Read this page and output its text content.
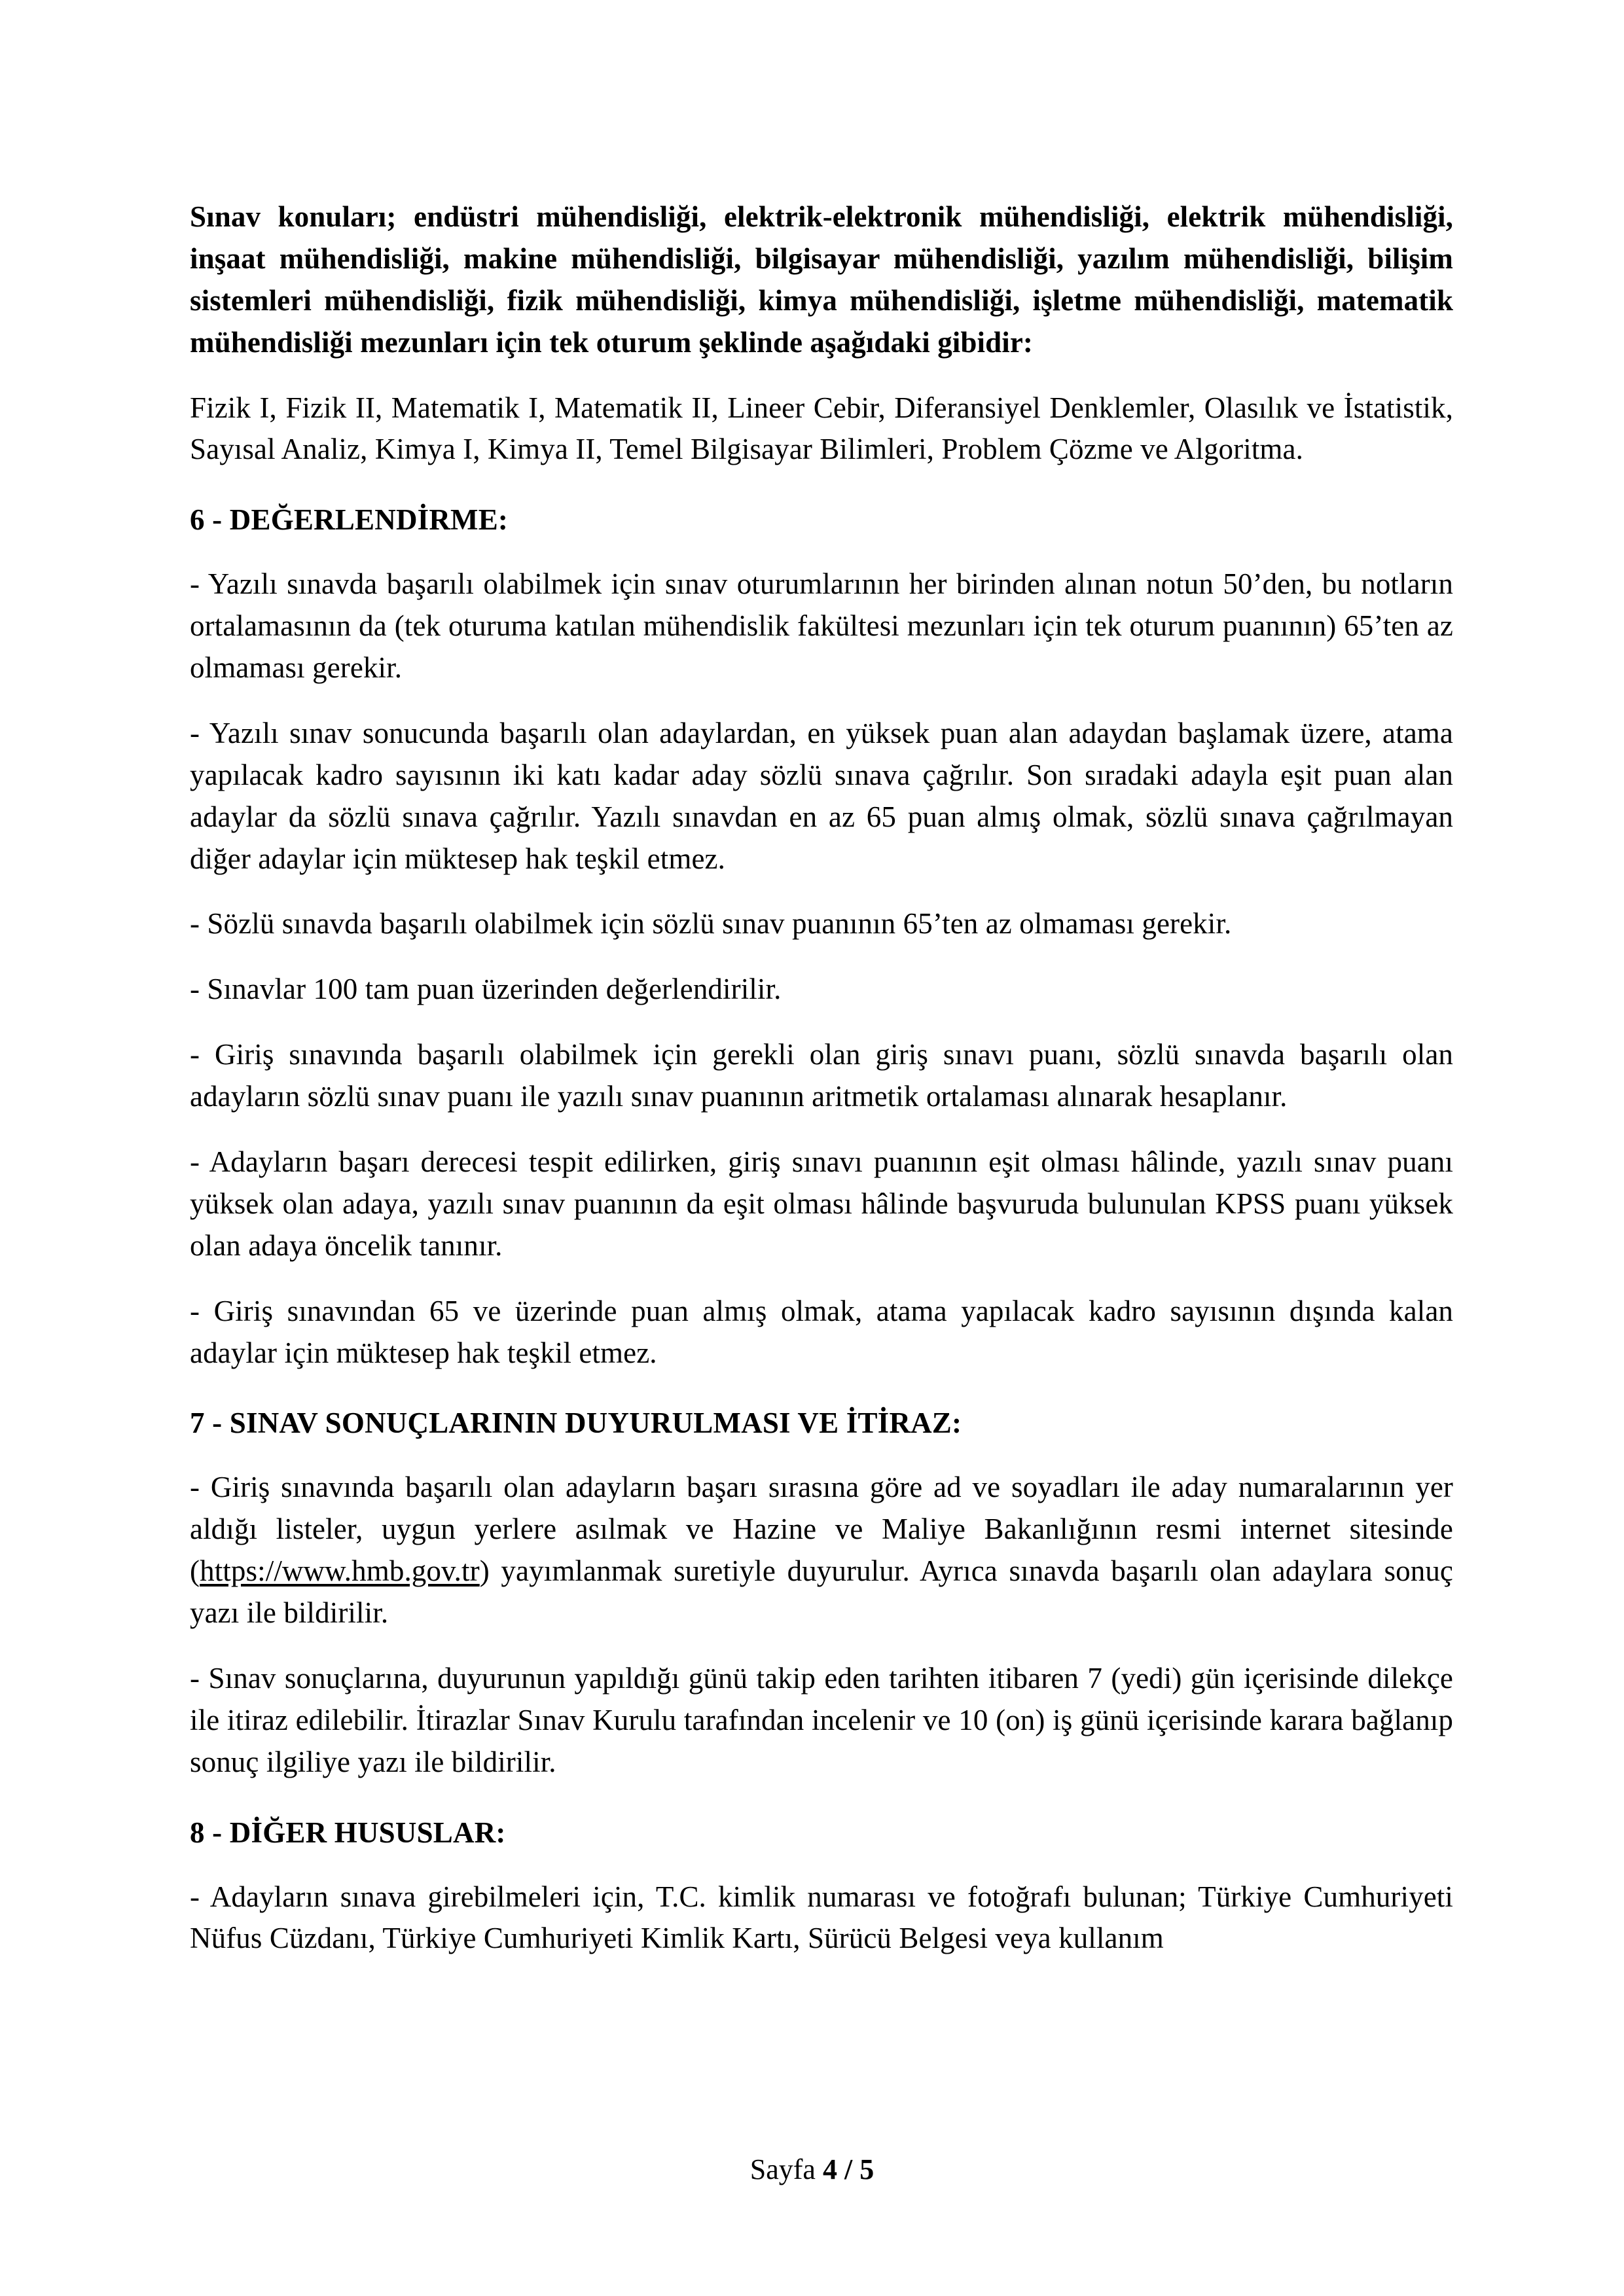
Sınav konuları; endüstri mühendisliği, elektrik-elektronik mühendisliği, elektrik mühendisliği, inşaat mühendisliği, makine mühendisliği, bilgisayar mühendisliği, yazılım mühendisliği, bilişim sistemleri mühendisliği, fizik mühendisliği, kimya mühendisliği, işletme mühendisliği, matematik mühendisliği mezunları için tek oturum şeklinde aşağıdaki gibidir:

Fizik I, Fizik II, Matematik I, Matematik II, Lineer Cebir, Diferansiyel Denklemler, Olasılık ve İstatistik, Sayısal Analiz, Kimya I, Kimya II, Temel Bilgisayar Bilimleri, Problem Çözme ve Algoritma.

6 - DEĞERLENDİRME:

- Yazılı sınavda başarılı olabilmek için sınav oturumlarının her birinden alınan notun 50’den, bu notların ortalamasının da (tek oturuma katılan mühendislik fakültesi mezunları için tek oturum puanının) 65’ten az olmaması gerekir.

- Yazılı sınav sonucunda başarılı olan adaylardan, en yüksek puan alan adaydan başlamak üzere, atama yapılacak kadro sayısının iki katı kadar aday sözlü sınava çağrılır. Son sıradaki adayla eşit puan alan adaylar da sözlü sınava çağrılır. Yazılı sınavdan en az 65 puan almış olmak, sözlü sınava çağrılmayan diğer adaylar için müktesep hak teşkil etmez.

- Sözlü sınavda başarılı olabilmek için sözlü sınav puanının 65’ten az olmaması gerekir.

- Sınavlar 100 tam puan üzerinden değerlendirilir.

- Giriş sınavında başarılı olabilmek için gerekli olan giriş sınavı puanı, sözlü sınavda başarılı olan adayların sözlü sınav puanı ile yazılı sınav puanının aritmetik ortalaması alınarak hesaplanır.

- Adayların başarı derecesi tespit edilirken, giriş sınavı puanının eşit olması hâlinde, yazılı sınav puanı yüksek olan adaya, yazılı sınav puanının da eşit olması hâlinde başvuruda bulunulan KPSS puanı yüksek olan adaya öncelik tanınır.

- Giriş sınavından 65 ve üzerinde puan almış olmak, atama yapılacak kadro sayısının dışında kalan adaylar için müktesep hak teşkil etmez.

7 - SINAV SONUÇLARININ DUYURULMASI VE İTİRAZ:

- Giriş sınavında başarılı olan adayların başarı sırasına göre ad ve soyadları ile aday numaralarının yer aldığı listeler, uygun yerlere asılmak ve Hazine ve Maliye Bakanlığının resmi internet sitesinde (https://www.hmb.gov.tr) yayımlanmak suretiyle duyurulur. Ayrıca sınavda başarılı olan adaylara sonuç yazı ile bildirilir.

- Sınav sonuçlarına, duyurunun yapıldığı günü takip eden tarihten itibaren 7 (yedi) gün içerisinde dilekçe ile itiraz edilebilir. İtirazlar Sınav Kurulu tarafından incelenir ve 10 (on) iş günü içerisinde karara bağlanıp sonuç ilgiliye yazı ile bildirilir.

8 - DİĞER HUSUSLAR:

- Adayların sınava girebilmeleri için, T.C. kimlik numarası ve fotoğrafı bulunan; Türkiye Cumhuriyeti Nüfus Cüzdanı, Türkiye Cumhuriyeti Kimlik Kartı, Sürücü Belgesi veya kullanım

Sayfa 4 / 5
